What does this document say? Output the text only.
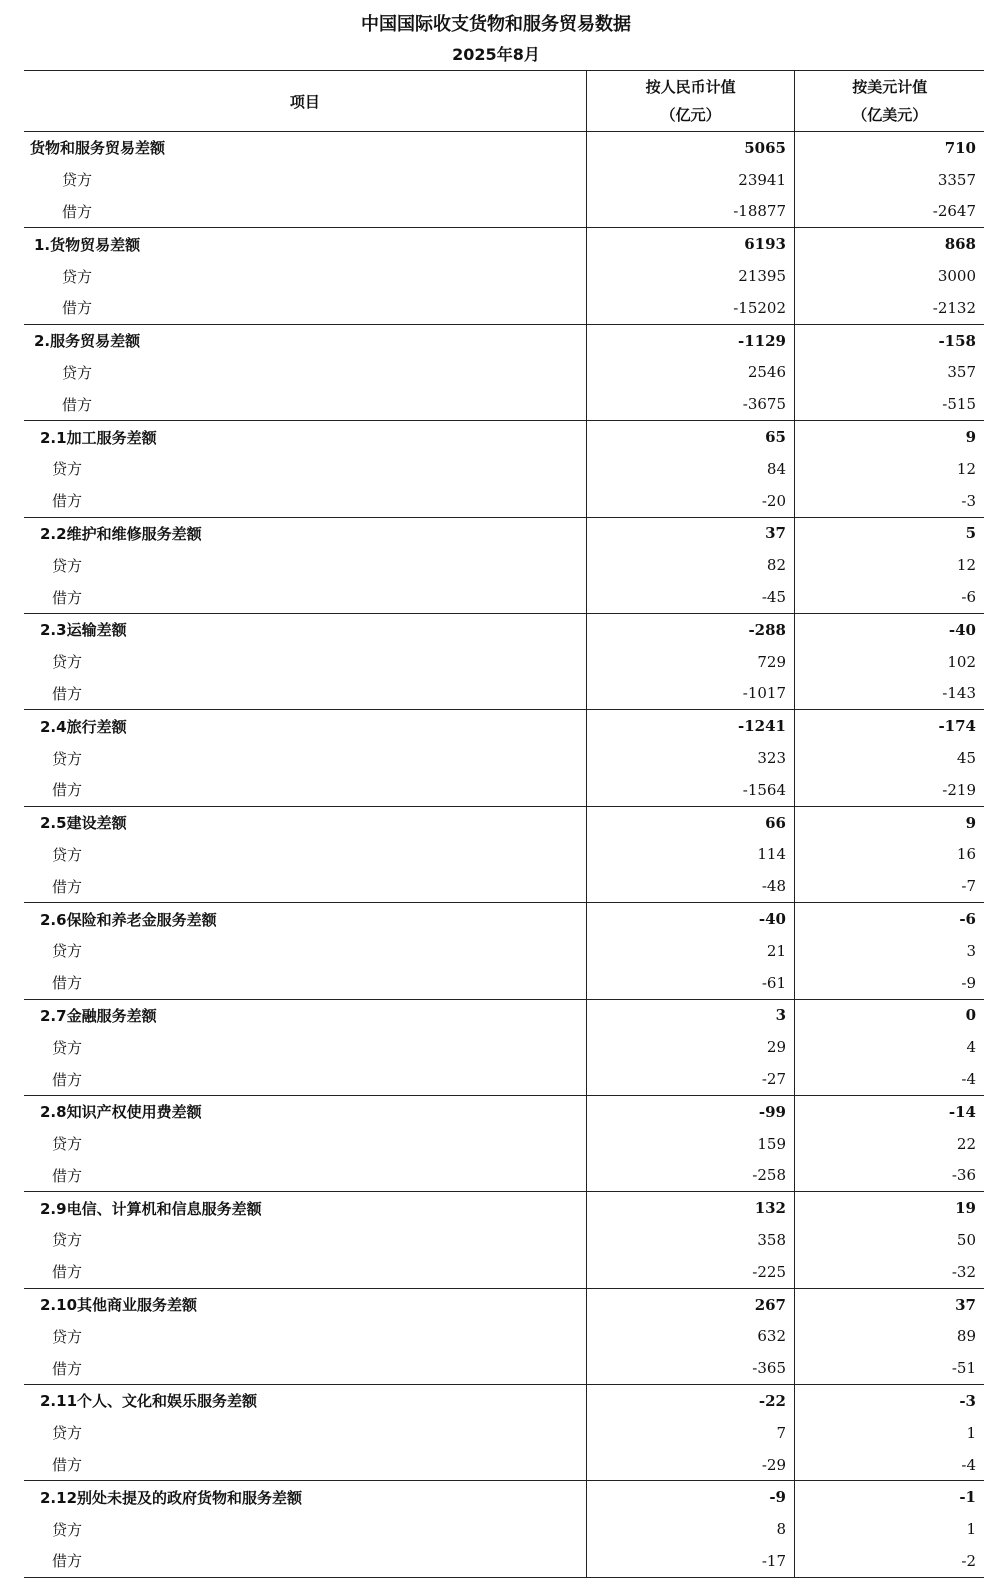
中国国际收支货物和服务贸易数据
2025年8月
项目
按人民币计值
（亿元）
按美元计值
（亿美元）
货物和服务贸易差额	5065	710
贷方	23941	3357
借方	-18877	-2647
1.货物贸易差额	6193	868
贷方	21395	3000
借方	-15202	-2132
2.服务贸易差额	-1129	-158
贷方	2546	357
借方	-3675	-515
2.1加工服务差额	65	9
贷方	84	12
借方	-20	-3
2.2维护和维修服务差额	37	5
贷方	82	12
借方	-45	-6
2.3运输差额	-288	-40
贷方	729	102
借方	-1017	-143
2.4旅行差额	-1241	-174
贷方	323	45
借方	-1564	-219
2.5建设差额	66	9
贷方	114	16
借方	-48	-7
2.6保险和养老金服务差额	-40	-6
贷方	21	3
借方	-61	-9
2.7金融服务差额	3	0
贷方	29	4
借方	-27	-4
2.8知识产权使用费差额	-99	-14
贷方	159	22
借方	-258	-36
2.9电信、计算机和信息服务差额	132	19
贷方	358	50
借方	-225	-32
2.10其他商业服务差额	267	37
贷方	632	89
借方	-365	-51
2.11个人、文化和娱乐服务差额	-22	-3
贷方	7	1
借方	-29	-4
2.12别处未提及的政府货物和服务差额	-9	-1
贷方	8	1
借方	-17	-2
